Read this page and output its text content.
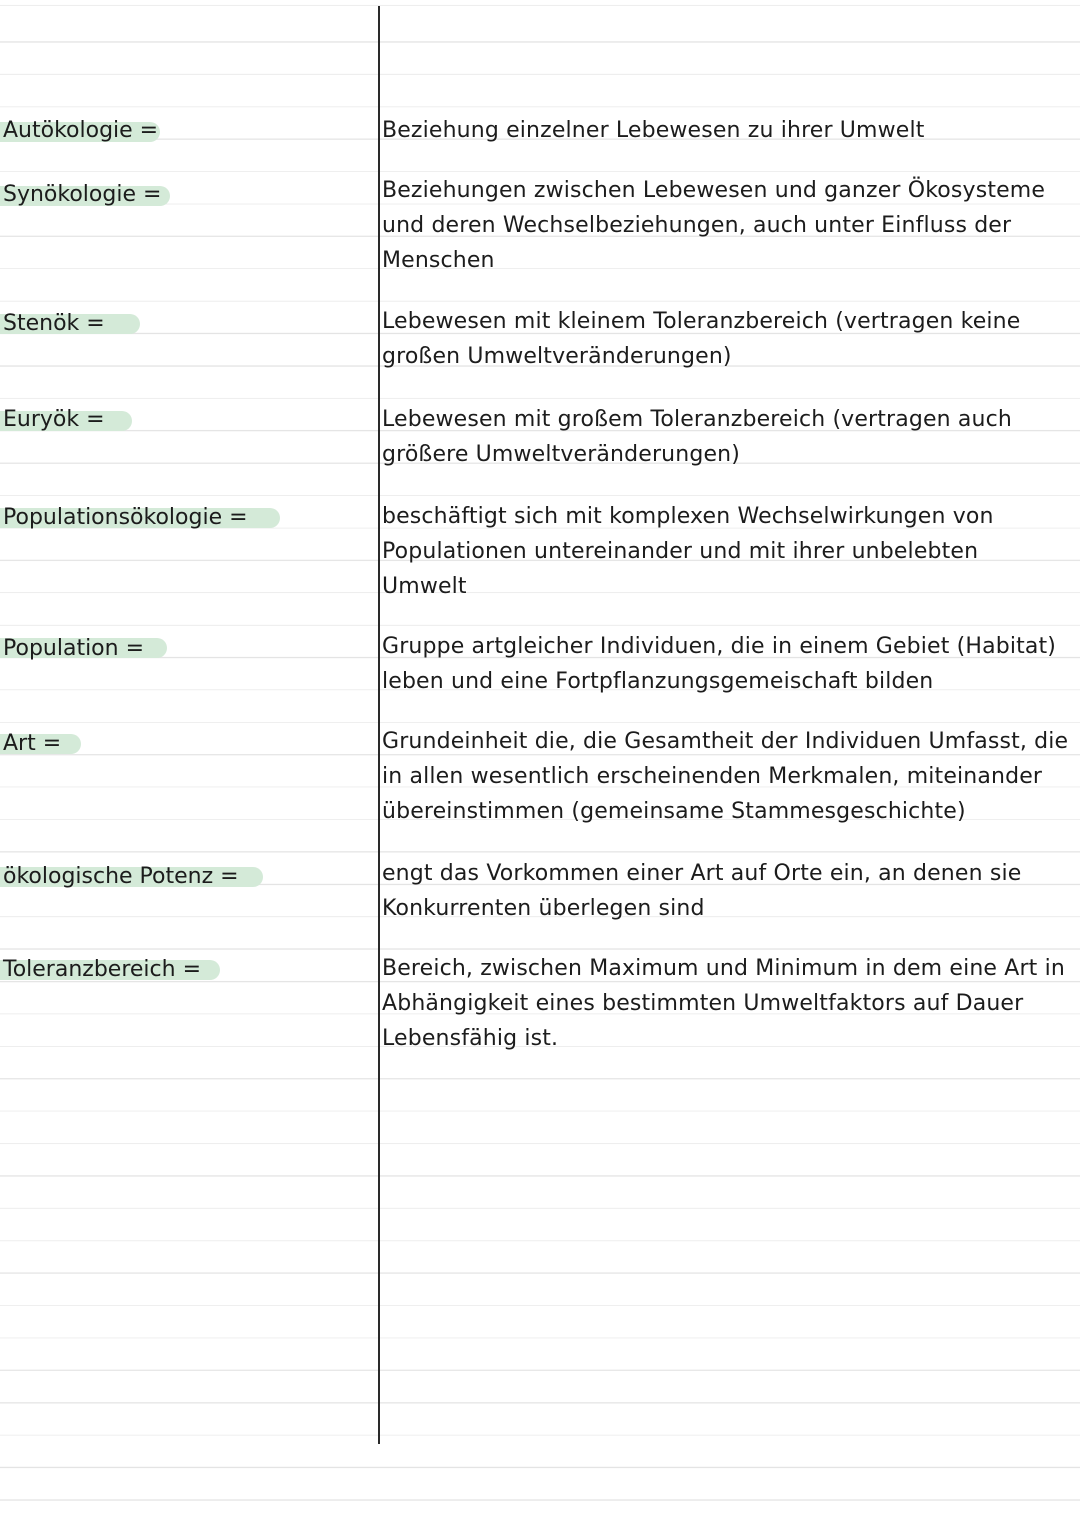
Autökologie =	Beziehung einzelner Lebewesen zu ihrer Umwelt
Synökologie =	Beziehungen zwischen Lebewesen und ganzer Ökosysteme
und deren Wechselbeziehungen, auch unter Einfluss der
Menschen
Stenök =	Lebewesen mit kleinem Toleranzbereich (vertragen keine
großen Umweltveränderungen)
Euryök =	Lebewesen mit großem Toleranzbereich (vertragen auch
größere Umweltveränderungen)
Populationsökologie =	beschäftigt sich mit komplexen Wechselwirkungen von
Populationen untereinander und mit ihrer unbelebten
Umwelt
Population =	Gruppe artgleicher Individuen, die in einem Gebiet (Habitat)
leben und eine Fortpflanzungsgemeischaft bilden
Art =	Grundeinheit die, die Gesamtheit der Individuen Umfasst, die
in allen wesentlich erscheinenden Merkmalen, miteinander
übereinstimmen (gemeinsame Stammesgeschichte)
ökologische Potenz =	engt das Vorkommen einer Art auf Orte ein, an denen sie
Konkurrenten überlegen sind
Toleranzbereich =	Bereich, zwischen Maximum und Minimum in dem eine Art in
Abhängigkeit eines bestimmten Umweltfaktors auf Dauer
Lebensfähig ist.
